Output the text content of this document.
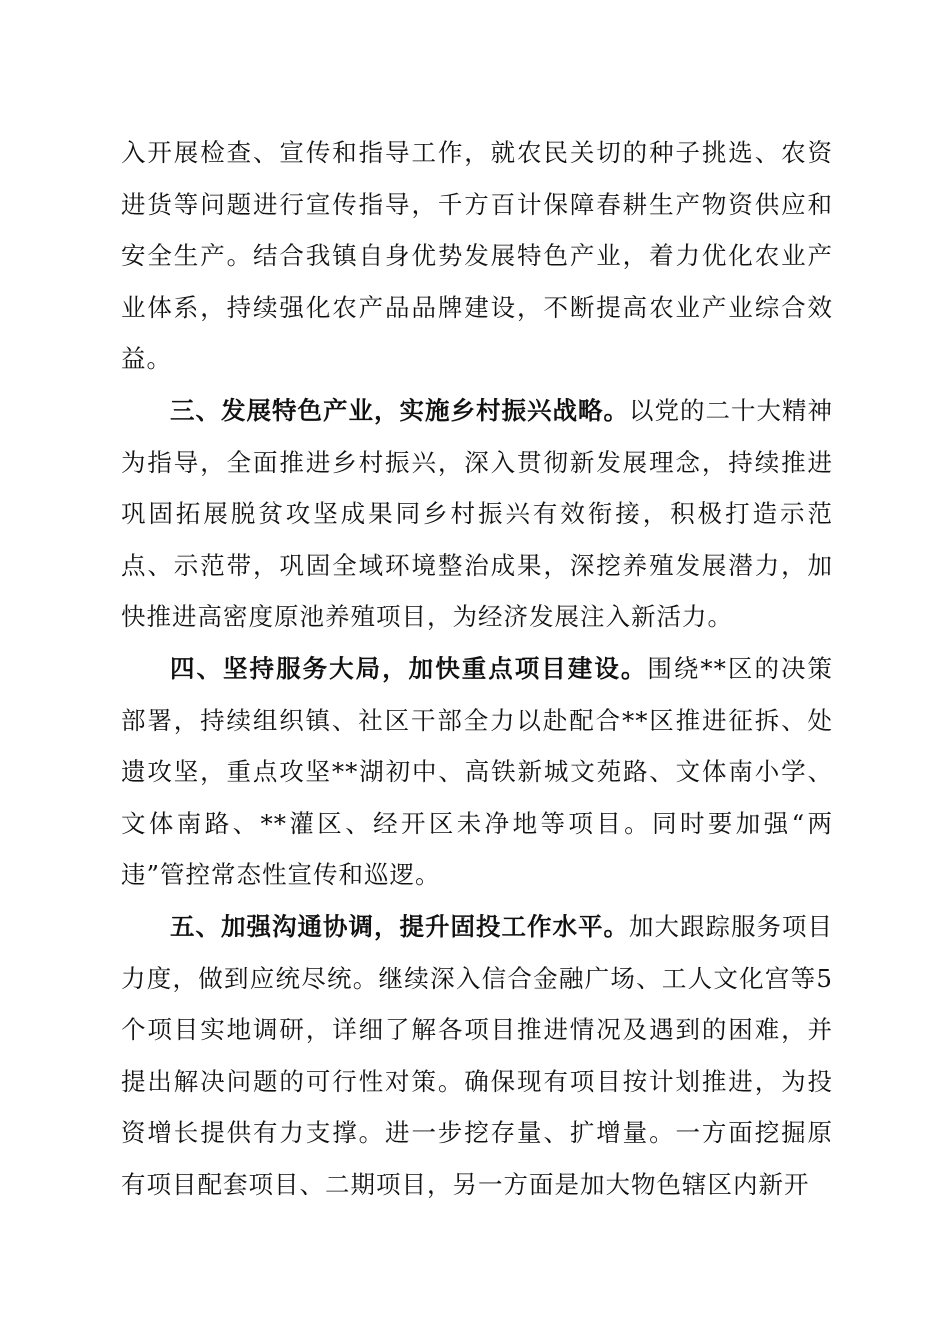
入开展检查、宣传和指导工作，就农民关切的种子挑选、农资进货等问题进行宣传指导，千方百计保障春耕生产物资供应和安全生产。结合我镇自身优势发展特色产业，着力优化农业产业体系，持续强化农产品品牌建设，不断提高农业产业综合效益。

三、发展特色产业，实施乡村振兴战略。以党的二十大精神为指导，全面推进乡村振兴，深入贯彻新发展理念，持续推进巩固拓展脱贫攻坚成果同乡村振兴有效衔接，积极打造示范点、示范带，巩固全域环境整治成果，深挖养殖发展潜力，加快推进高密度原池养殖项目，为经济发展注入新活力。

四、坚持服务大局，加快重点项目建设。围绕**区的决策部署，持续组织镇、社区干部全力以赴配合**区推进征拆、处遗攻坚，重点攻坚**湖初中、高铁新城文苑路、文体南小学、文体南路、**灌区、经开区未净地等项目。同时要加强“两违”管控常态性宣传和巡逻。

五、加强沟通协调，提升固投工作水平。加大跟踪服务项目力度，做到应统尽统。继续深入信合金融广场、工人文化宫等5个项目实地调研，详细了解各项目推进情况及遇到的困难，并提出解决问题的可行性对策。确保现有项目按计划推进，为投资增长提供有力支撑。进一步挖存量、扩增量。一方面挖掘原有项目配套项目、二期项目，另一方面是加大物色辖区内新开
